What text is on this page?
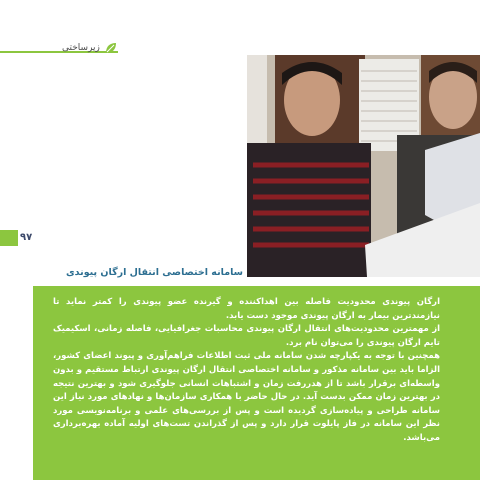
زیرساختی
۹۷
سامانه اختصاصی انتقال ارگان پیوندی

ارگان پیوندی محدودیت فاصله بین اهداکننده و گیرنده عضو پیوندی را کمتر نماید تا نیازمندترین بیمار به ارگان پیوندی موجود دست یابد.

از مهمترین محدودیت‌های انتقال ارگان پیوندی محاسبات جغرافیایی، فاصله زمانی، اسکیمیک تایم ارگان پیوندی را می‌توان نام برد.

همچنین با توجه به یکپارچه شدن سامانه ملی ثبت اطلاعات فراهم‌آوری و پیوند اعضای کشور، الزاما باید بین سامانه مذکور و سامانه اختصاصی انتقال ارگان پیوندی ارتباط مستقیم و بدون واسطه‌ای برقرار باشد تا از هدررفت زمان و اشتباهات انسانی جلوگیری شود و بهترین نتیجه در بهترین زمان ممکن بدست آید. در حال حاضر با همکاری سازمان‌ها و نهادهای مورد نیاز این سامانه طراحی و پیاده‌سازی گردیده است و پس از بررسی‌های علمی و برنامه‌نویسی مورد نظر این سامانه در فاز پایلوت قرار دارد و پس از گذراندن تست‌های اولیه آماده بهره‌برداری می‌باشد.
